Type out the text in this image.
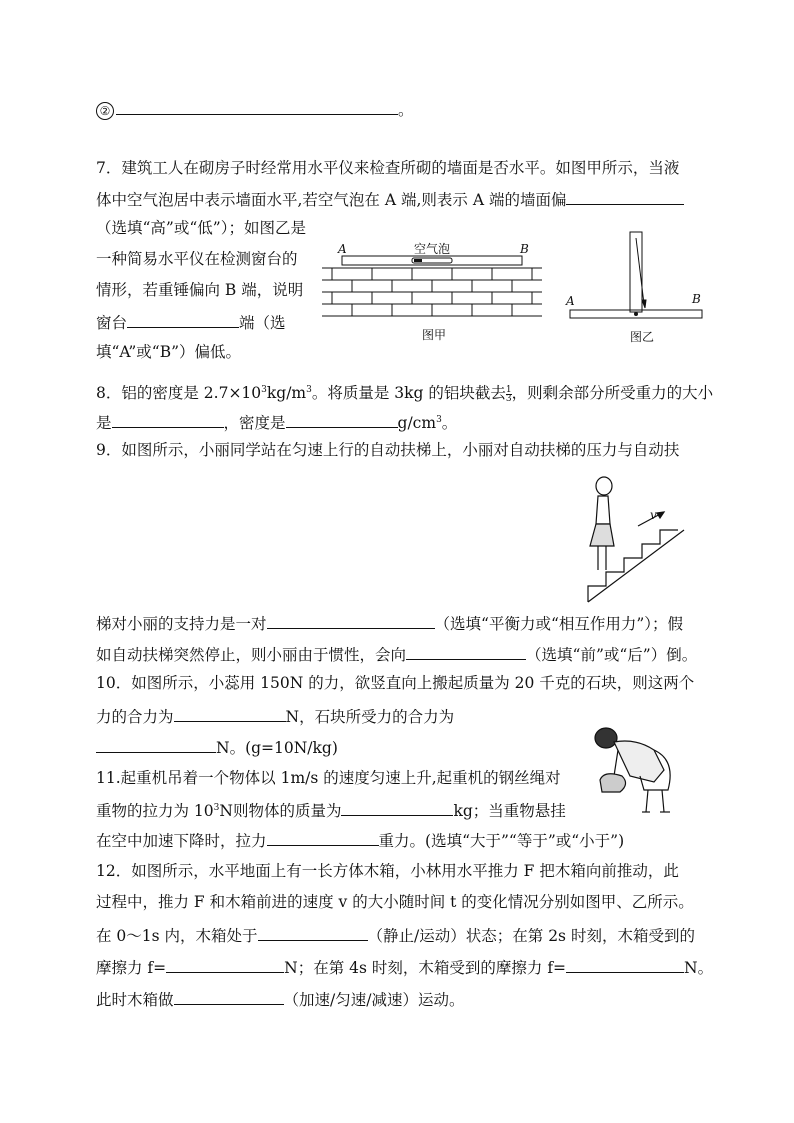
②	。
7．建筑工人在砌房子时经常用水平仪来检查所砌的墙面是否水平。如图甲所示，当液
体中空气泡居中表示墙面水平,若空气泡在 A 端,则表示 A 端的墙面偏
（选填“高”或“低”）；如图乙是
一种简易水平仪在检测窗台的
情形，若重锤偏向 B 端，说明
窗台	端（选
填“A”或“B”）偏低。
A	B
空气泡
图甲
A	B
图乙
8．铝的密度是 $2.7\times 10^3kg/m^3$。将质量是 3kg 的铝块截去 $\frac{1}{3}$ ，则剩余部分所受重力的大小
是	，密度是	$g/cm^3$。
9．如图所示，小丽同学站在匀速上行的自动扶梯上，小丽对自动扶梯的压力与自动扶
v
梯对小丽的支持力是一对	（选填“平衡力或“相互作用力”）；假
如自动扶梯突然停止，则小丽由于惯性，会向	（选填“前”或“后”）倒。
10．如图所示，小蕊用 150N 的力，欲竖直向上搬起质量为 20 千克的石块，则这两个
力的合力为	N，石块所受力的合力为
N。(g=10N/kg)
11.起重机吊着一个物体以 1m/s 的速度匀速上升,起重机的钢丝绳对
重物的拉力为 $10^3N$则物体的质量为	kg；当重物悬挂
在空中加速下降时，拉力	重力。(选填“大于”“等于”或“小于”)
12．如图所示，水平地面上有一长方体木箱，小林用水平推力 F 把木箱向前推动，此
过程中，推力 F 和木箱前进的速度 v 的大小随时间 t 的变化情况分别如图甲、乙所示。
在 0～1s 内，木箱处于	（静止/运动）状态；在第 2s 时刻，木箱受到的
摩擦力 f=	N；在第 4s 时刻，木箱受到的摩擦力 f=	N。
此时木箱做	（加速/匀速/减速）运动。
